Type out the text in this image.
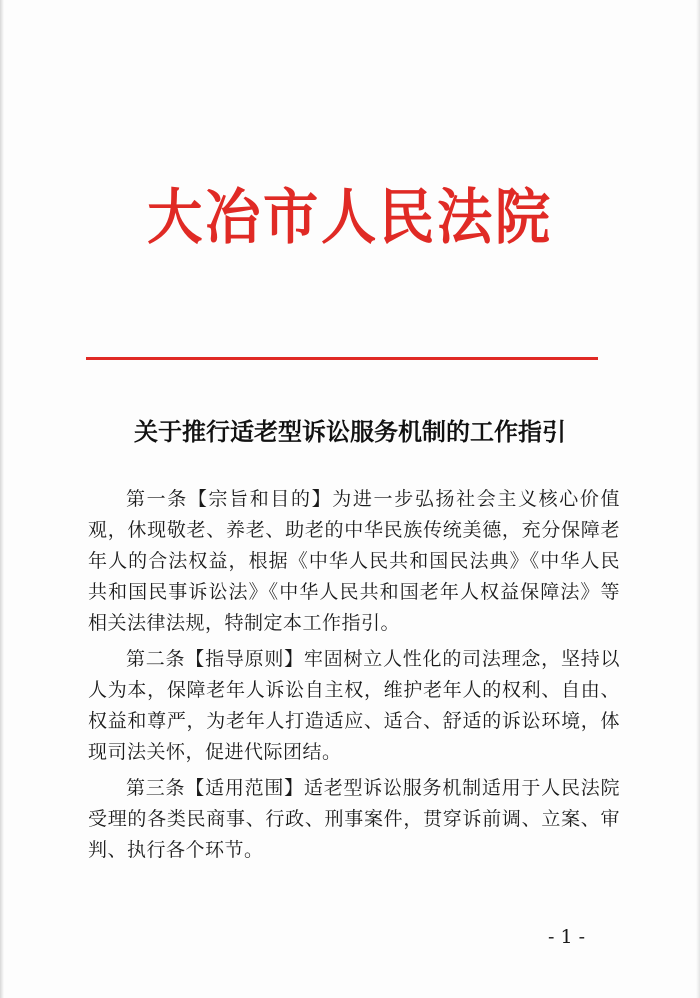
大冶市人民法院
关于推行适老型诉讼服务机制的工作指引

第一条【宗旨和目的】为进一步弘扬社会主义核心价值观，休现敬老、养老、助老的中华民族传统美德，充分保障老年人的合法权益，根据《中华人民共和国民法典》《中华人民共和国民事诉讼法》《中华人民共和国老年人权益保障法》等相关法律法规，特制定本工作指引。

第二条【指导原则】牢固树立人性化的司法理念，坚持以人为本，保障老年人诉讼自主权，维护老年人的权利、自由、权益和尊严，为老年人打造适应、适合、舒适的诉讼环境，体现司法关怀，促进代际团结。

第三条【适用范围】适老型诉讼服务机制适用于人民法院受理的各类民商事、行政、刑事案件，贯穿诉前调、立案、审判、执行各个环节。

- 1 -
